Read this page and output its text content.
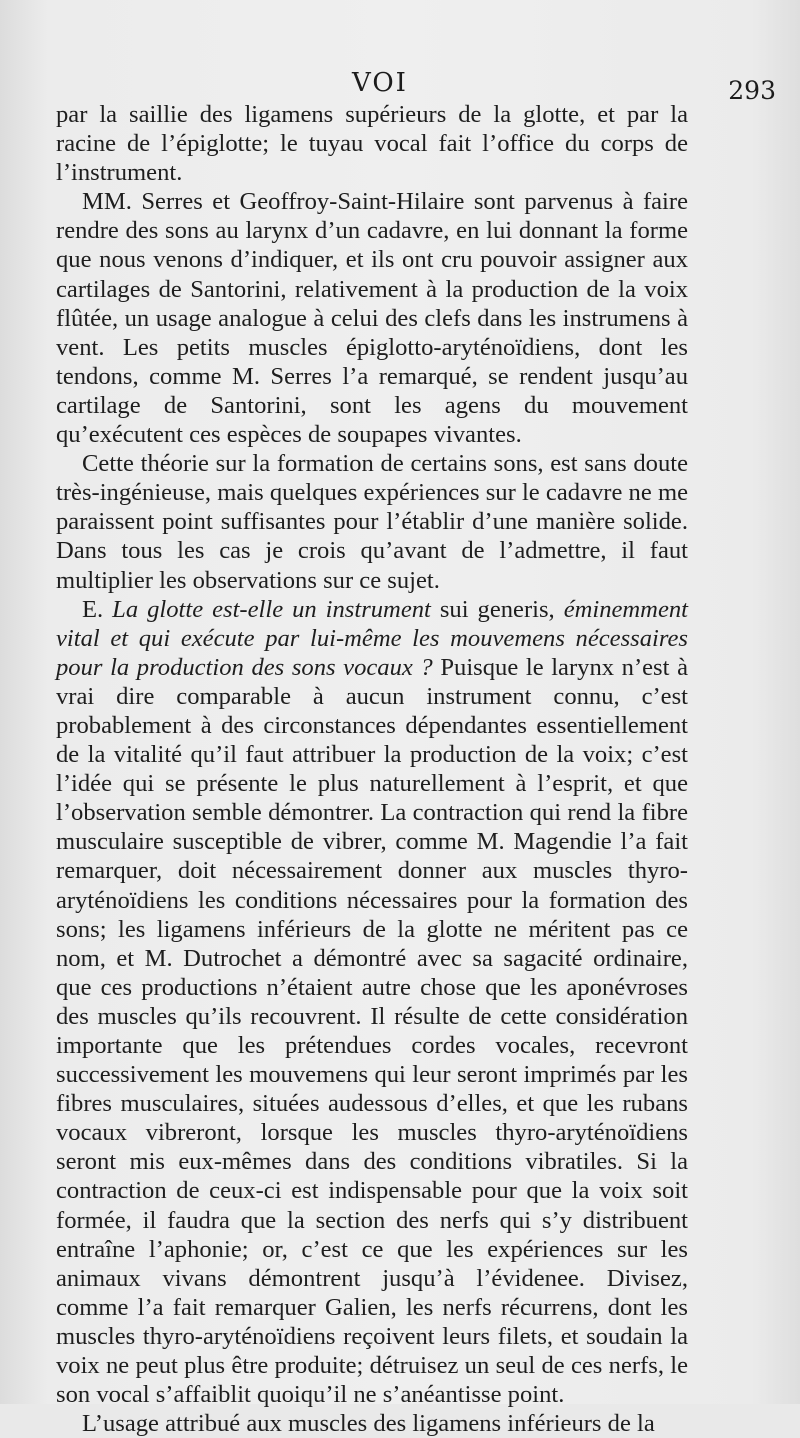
VOI	293

par la saillie des ligamens supérieurs de la glotte, et par la racine de l’épiglotte; le tuyau vocal fait l’office du corps de l’instrument.

MM. Serres et Geoffroy-Saint-Hilaire sont parvenus à faire rendre des sons au larynx d’un cadavre, en lui donnant la forme que nous venons d’indiquer, et ils ont cru pouvoir assigner aux cartilages de Santorini, relativement à la production de la voix flûtée, un usage analogue à celui des clefs dans les instrumens à vent. Les petits muscles épiglotto-aryténoïdiens, dont les tendons, comme M. Serres l’a remarqué, se rendent jusqu’au cartilage de Santorini, sont les agens du mouvement qu’exécutent ces espèces de soupapes vivantes.

Cette théorie sur la formation de certains sons, est sans doute très-ingénieuse, mais quelques expériences sur le cadavre ne me paraissent point suffisantes pour l’établir d’une manière solide. Dans tous les cas je crois qu’avant de l’admettre, il faut multiplier les observations sur ce sujet.

E. La glotte est-elle un instrument sui generis, éminemment vital et qui exécute par lui-même les mouvemens nécessaires pour la production des sons vocaux ? Puisque le larynx n’est à vrai dire comparable à aucun instrument connu, c’est probablement à des circonstances dépendantes essentiellement de la vitalité qu’il faut attribuer la production de la voix; c’est l’idée qui se présente le plus naturellement à l’esprit, et que l’observation semble démontrer. La contraction qui rend la fibre musculaire susceptible de vibrer, comme M. Magendie l’a fait remarquer, doit nécessairement donner aux muscles thyro-aryténoïdiens les conditions nécessaires pour la formation des sons; les ligamens inférieurs de la glotte ne méritent pas ce nom, et M. Dutrochet a démontré avec sa sagacité ordinaire, que ces productions n’étaient autre chose que les aponévroses des muscles qu’ils recouvrent. Il résulte de cette considération importante que les prétendues cordes vocales, recevront successivement les mouvemens qui leur seront imprimés par les fibres musculaires, situées audessous d’elles, et que les rubans vocaux vibreront, lorsque les muscles thyro-aryténoïdiens seront mis eux-mêmes dans des conditions vibratiles. Si la contraction de ceux-ci est indispensable pour que la voix soit formée, il faudra que la section des nerfs qui s’y distribuent entraîne l’aphonie; or, c’est ce que les expériences sur les animaux vivans démontrent jusqu’à l’évidenee. Divisez, comme l’a fait remarquer Galien, les nerfs récurrens, dont les muscles thyro-aryténoïdiens reçoivent leurs filets, et soudain la voix ne peut plus être produite; détruisez un seul de ces nerfs, le son vocal s’affaiblit quoiqu’il ne s’anéantisse point.

L’usage attribué aux muscles des ligamens inférieurs de la
